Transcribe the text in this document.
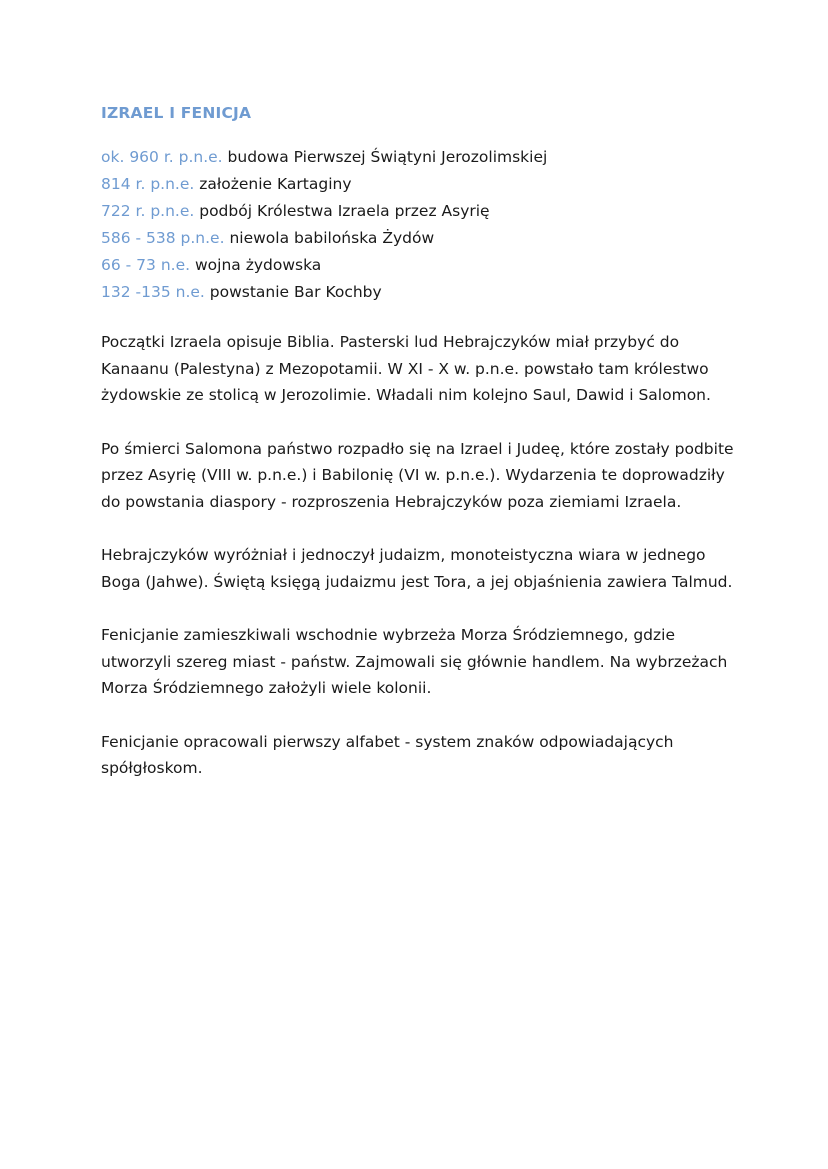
IZRAEL I FENICJA
ok. 960 r. p.n.e. budowa Pierwszej Świątyni Jerozolimskiej
814 r. p.n.e. założenie Kartaginy
722 r. p.n.e. podbój Królestwa Izraela przez Asyrię
586 - 538 p.n.e. niewola babilońska Żydów
66 - 73 n.e. wojna żydowska
132 -135 n.e. powstanie Bar Kochby

Początki Izraela opisuje Biblia. Pasterski lud Hebrajczyków miał przybyć do Kanaanu (Palestyna) z Mezopotamii. W XI - X w. p.n.e. powstało tam królestwo żydowskie ze stolicą w Jerozolimie. Władali nim kolejno Saul, Dawid i Salomon.

Po śmierci Salomona państwo rozpadło się na Izrael i Judeę, które zostały podbite przez Asyrię (VIII w. p.n.e.) i Babilonię (VI w. p.n.e.). Wydarzenia te doprowadziły do powstania diaspory - rozproszenia Hebrajczyków poza ziemiami Izraela.

Hebrajczyków wyróżniał i jednoczył judaizm, monoteistyczna wiara w jednego Boga (Jahwe). Świętą księgą judaizmu jest Tora, a jej objaśnienia zawiera Talmud.

Fenicjanie zamieszkiwali wschodnie wybrzeża Morza Śródziemnego, gdzie utworzyli szereg miast - państw. Zajmowali się głównie handlem. Na wybrzeżach Morza Śródziemnego założyli wiele kolonii.

Fenicjanie opracowali pierwszy alfabet - system znaków odpowiadających spółgłoskom.
